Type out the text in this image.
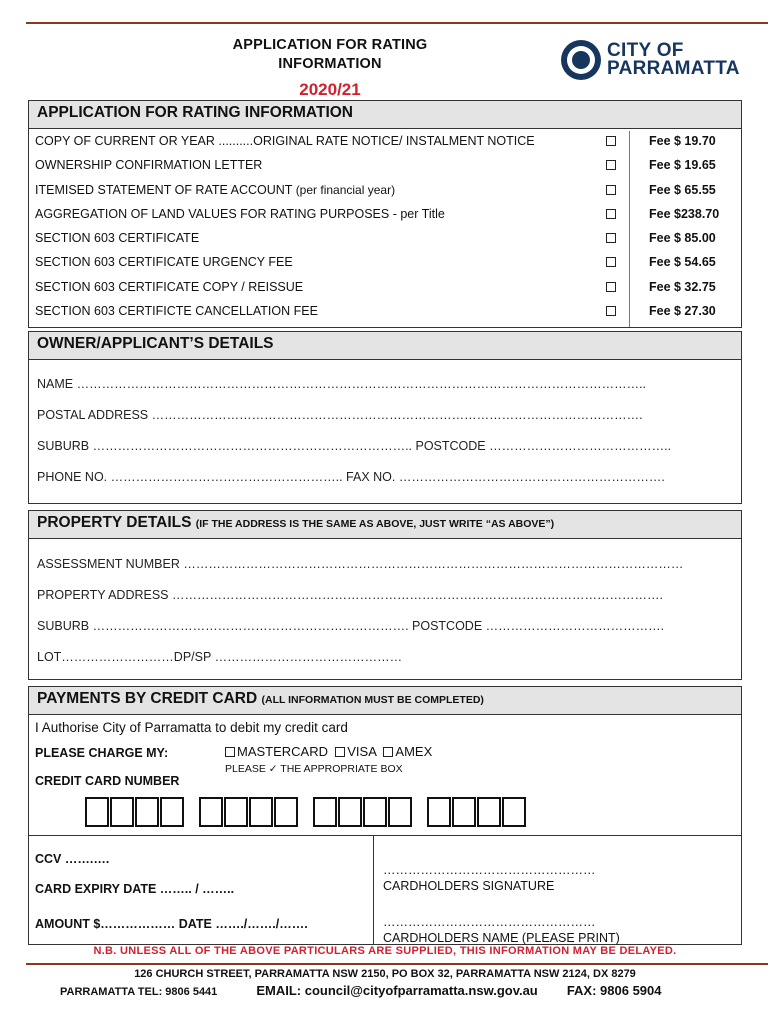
APPLICATION FOR RATING
INFORMATION
2020/21
CITY OF
PARRAMATTA
APPLICATION FOR RATING INFORMATION
COPY OF CURRENT OR YEAR ..........ORIGINAL RATE NOTICE/ INSTALMENT NOTICE	Fee $ 19.70
OWNERSHIP CONFIRMATION LETTER	Fee $ 19.65
ITEMISED STATEMENT OF RATE ACCOUNT (per financial year)	Fee $ 65.55
AGGREGATION OF LAND VALUES FOR RATING PURPOSES - per Title	Fee $238.70
SECTION 603 CERTIFICATE	Fee $ 85.00
SECTION 603 CERTIFICATE URGENCY FEE	Fee $ 54.65
SECTION 603 CERTIFICATE COPY / REISSUE	Fee $ 32.75
SECTION 603 CERTIFICTE CANCELLATION FEE	Fee $ 27.30
OWNER/APPLICANT’S DETAILS
NAME ………………………………………………………………………………………………………………………..
POSTAL ADDRESS ……………………………………………………………………………………………………….
SUBURB ………………………………………………………………….. POSTCODE ……………………………………..
PHONE NO. ……………………………………………….. FAX NO. ……………………………………………………….
PROPERTY DETAILS (IF THE ADDRESS IS THE SAME AS ABOVE, JUST WRITE “AS ABOVE”)
ASSESSMENT NUMBER …………………………………………………………………………………………………………
PROPERTY ADDRESS ……………………………………………………………………………………………………….
SUBURB …………………………………………………………………. POSTCODE …………………………………….
LOT………………………DP/SP ………………………………………
PAYMENTS BY CREDIT CARD (ALL INFORMATION MUST BE COMPLETED)
I Authorise City of Parramatta to debit my credit card
PLEASE CHARGE MY:	MASTERCARD VISA AMEX
PLEASE ✓ THE APPROPRIATE BOX
CREDIT CARD NUMBER
CCV …….….
CARD EXPIRY DATE …….. / ……..
AMOUNT $……………… DATE ……./……./…….
……………………………………………
CARDHOLDERS SIGNATURE
……………………………………………
CARDHOLDERS NAME (PLEASE PRINT)
N.B. UNLESS ALL OF THE ABOVE PARTICULARS ARE SUPPLIED, THIS INFORMATION MAY BE DELAYED.
126 CHURCH STREET, PARRAMATTA NSW 2150, PO BOX 32, PARRAMATTA NSW 2124, DX 8279
PARRAMATTA TEL: 9806 5441	EMAIL: council@cityofparramatta.nsw.gov.au FAX: 9806 5904
